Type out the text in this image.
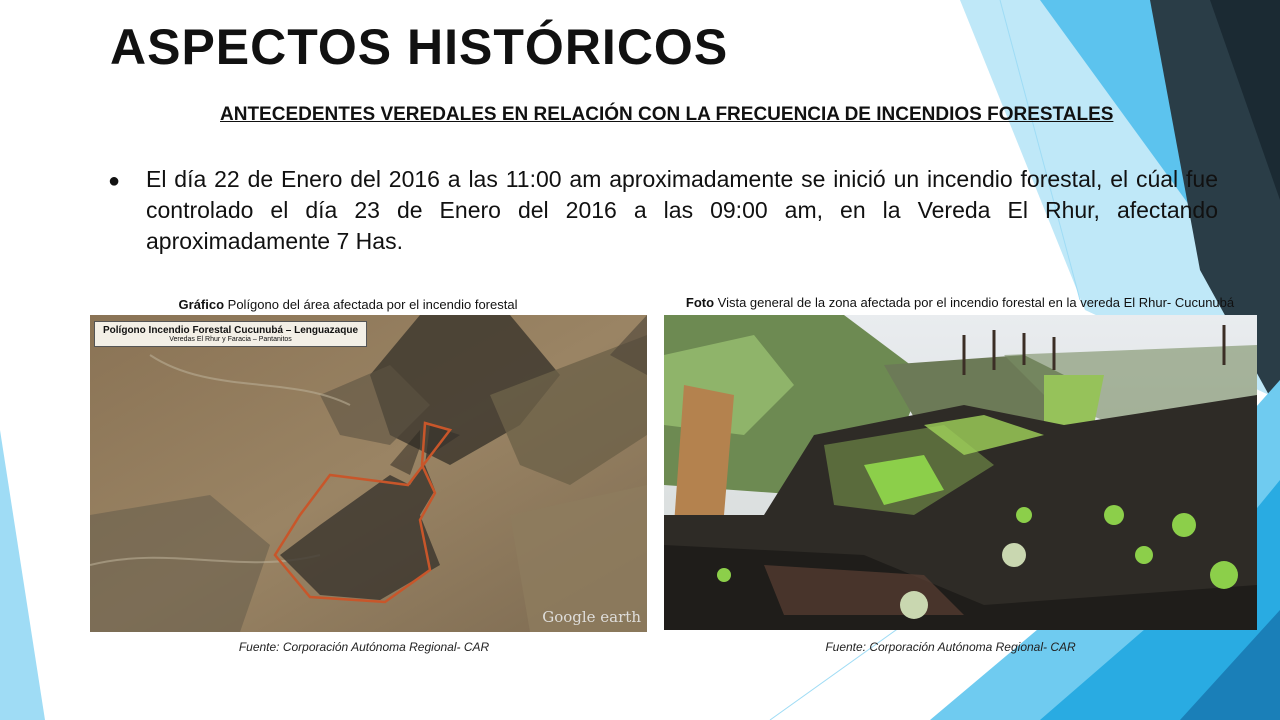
ASPECTOS HISTÓRICOS
ANTECEDENTES VEREDALES EN RELACIÓN CON LA FRECUENCIA DE INCENDIOS FORESTALES
● El día 22 de Enero del 2016 a las 11:00 am aproximadamente se inició un incendio forestal, el cúal fue controlado el día 23 de Enero del 2016 a las 09:00 am, en la Vereda El Rhur, afectando aproximadamente 7 Has.
Gráfico Polígono del área afectada por el incendio forestal
Polígono Incendio Forestal Cucunubá – Lenguazaque
Veredas El Rhur y Faracia – Pantanitos
Google earth
Fuente: Corporación Autónoma Regional- CAR
Foto Vista general de la zona afectada por el incendio forestal en la vereda El Rhur- Cucunubá
Fuente: Corporación Autónoma Regional- CAR
